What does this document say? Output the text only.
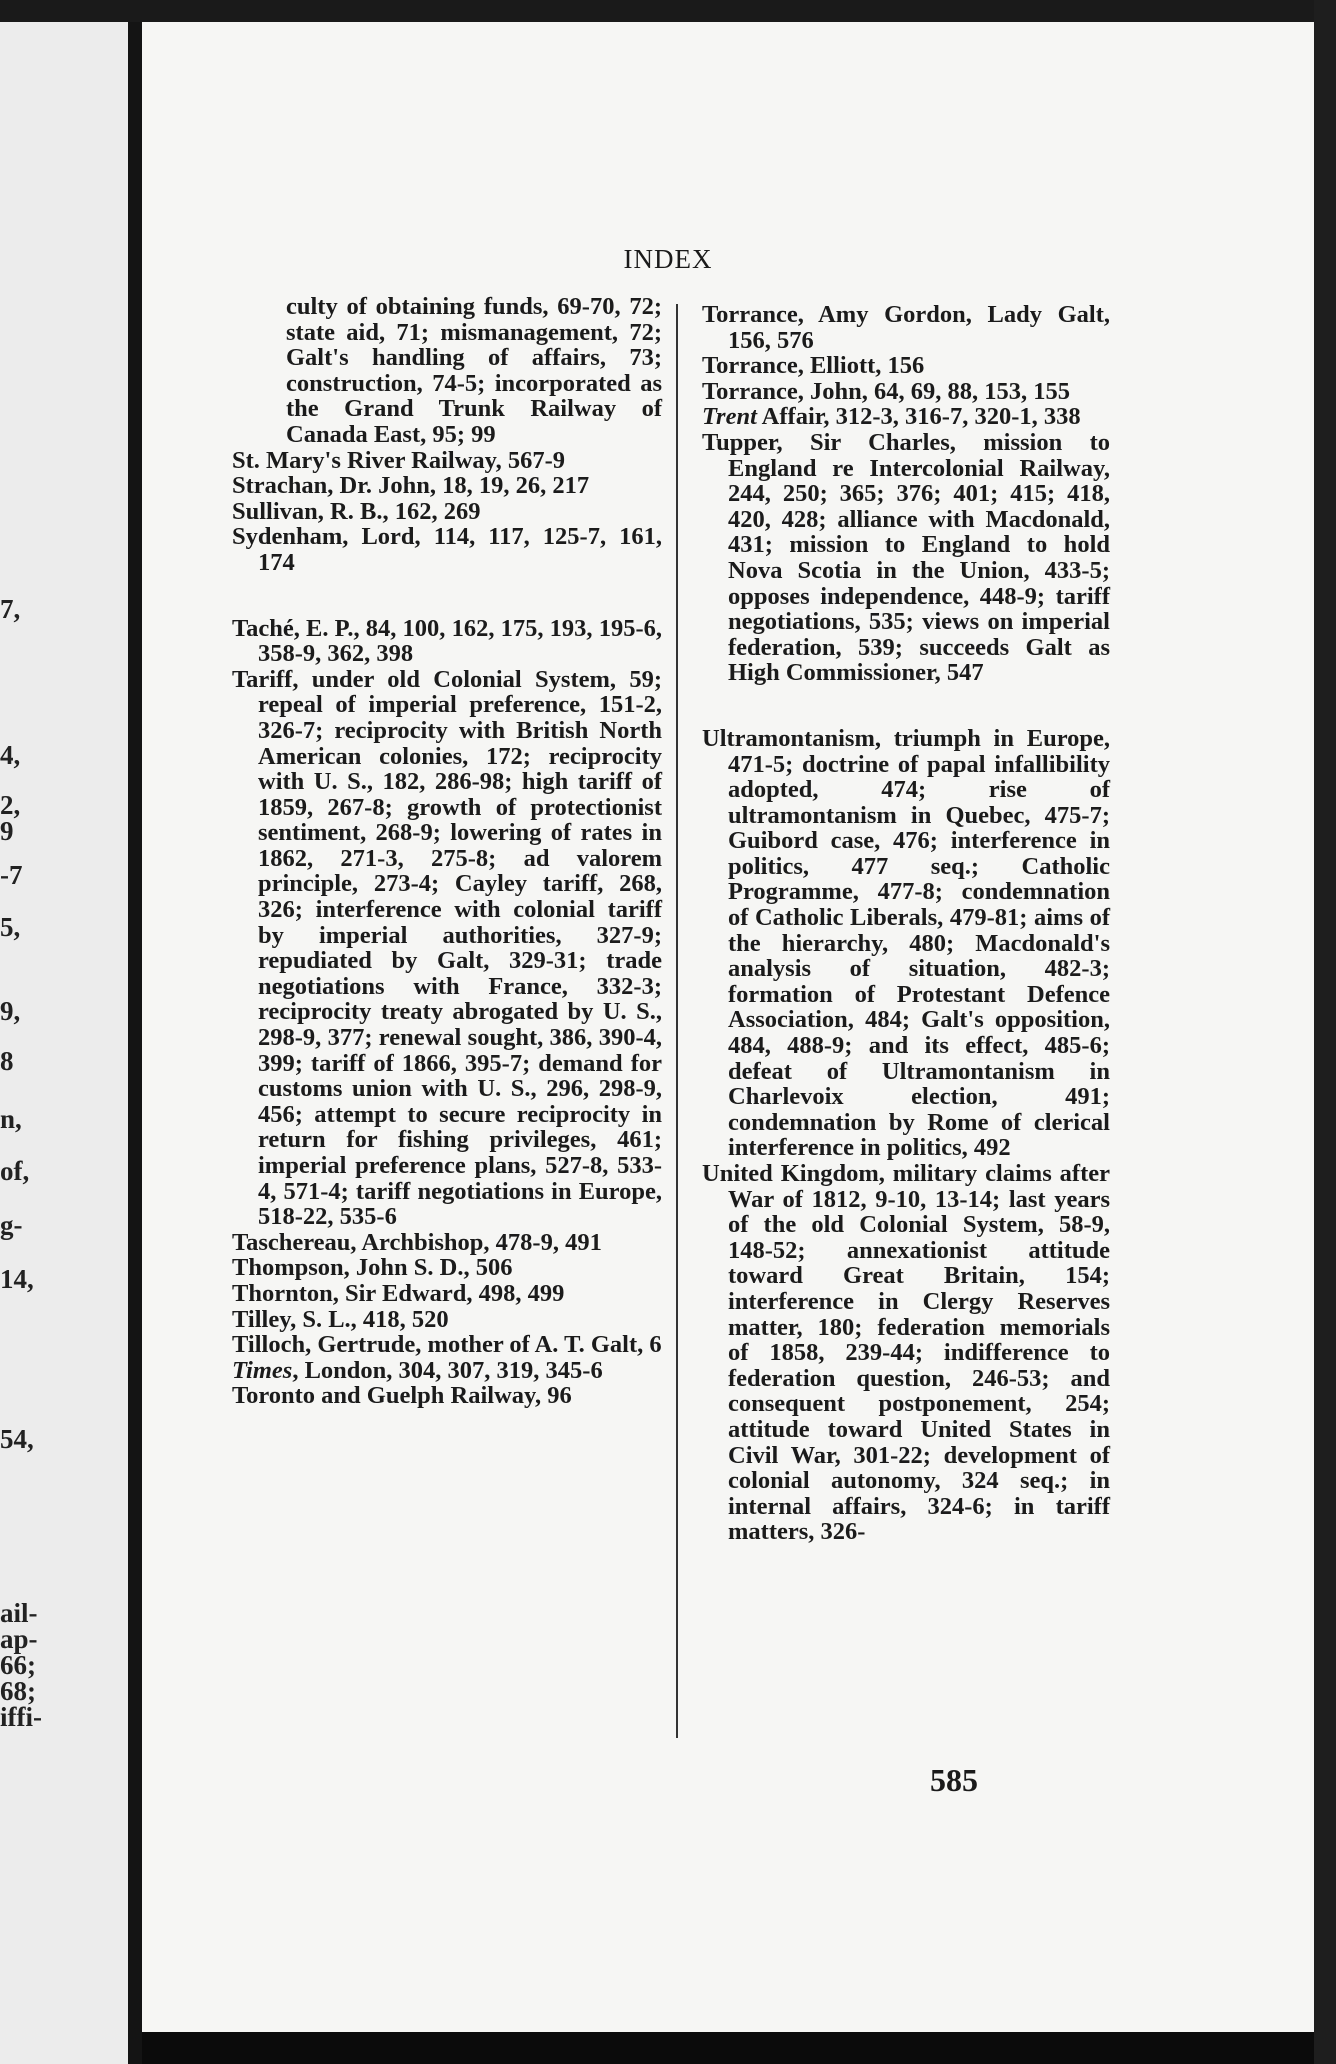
7,
4,
2,
9
-7
5,
9,
8
n,
of,
g-
14,
54,
ail-
ap-
66;
68;
iffi-
INDEX
culty of obtaining funds, 69-70, 72; state aid, 71; mismanagement, 72; Galt's handling of affairs, 73; construction, 74-5; incorporated as the Grand Trunk Railway of Canada East, 95; 99
St. Mary's River Railway, 567-9
Strachan, Dr. John, 18, 19, 26, 217
Sullivan, R. B., 162, 269
Sydenham, Lord, 114, 117, 125-7, 161, 174
Taché, E. P., 84, 100, 162, 175, 193, 195-6, 358-9, 362, 398
Tariff, under old Colonial System, 59; repeal of imperial preference, 151-2, 326-7; reciprocity with British North American colonies, 172; reciprocity with U. S., 182, 286-98; high tariff of 1859, 267-8; growth of protectionist sentiment, 268-9; lowering of rates in 1862, 271-3, 275-8; ad valorem principle, 273-4; Cayley tariff, 268, 326; interference with colonial tariff by imperial authorities, 327-9; repudiated by Galt, 329-31; trade negotiations with France, 332-3; reciprocity treaty abrogated by U. S., 298-9, 377; renewal sought, 386, 390-4, 399; tariff of 1866, 395-7; demand for customs union with U. S., 296, 298-9, 456; attempt to secure reciprocity in return for fishing privileges, 461; imperial preference plans, 527-8, 533-4, 571-4; tariff negotiations in Europe, 518-22, 535-6
Taschereau, Archbishop, 478-9, 491
Thompson, John S. D., 506
Thornton, Sir Edward, 498, 499
Tilley, S. L., 418, 520
Tilloch, Gertrude, mother of A. T. Galt, 6
Times, London, 304, 307, 319, 345-6
Toronto and Guelph Railway, 96
Torrance, Amy Gordon, Lady Galt, 156, 576
Torrance, Elliott, 156
Torrance, John, 64, 69, 88, 153, 155
Trent Affair, 312-3, 316-7, 320-1, 338
Tupper, Sir Charles, mission to England re Intercolonial Railway, 244, 250; 365; 376; 401; 415; 418, 420, 428; alliance with Macdonald, 431; mission to England to hold Nova Scotia in the Union, 433-5; opposes independence, 448-9; tariff negotiations, 535; views on imperial federation, 539; succeeds Galt as High Commissioner, 547
Ultramontanism, triumph in Europe, 471-5; doctrine of papal infallibility adopted, 474; rise of ultramontanism in Quebec, 475-7; Guibord case, 476; interference in politics, 477 seq.; Catholic Programme, 477-8; condemnation of Catholic Liberals, 479-81; aims of the hierarchy, 480; Macdonald's analysis of situation, 482-3; formation of Protestant Defence Association, 484; Galt's opposition, 484, 488-9; and its effect, 485-6; defeat of Ultramontanism in Charlevoix election, 491; condemnation by Rome of clerical interference in politics, 492
United Kingdom, military claims after War of 1812, 9-10, 13-14; last years of the old Colonial System, 58-9, 148-52; annexationist attitude toward Great Britain, 154; interference in Clergy Reserves matter, 180; federation memorials of 1858, 239-44; indifference to federation question, 246-53; and consequent postponement, 254; attitude toward United States in Civil War, 301-22; development of colonial autonomy, 324 seq.; in internal affairs, 324-6; in tariff matters, 326-
585
